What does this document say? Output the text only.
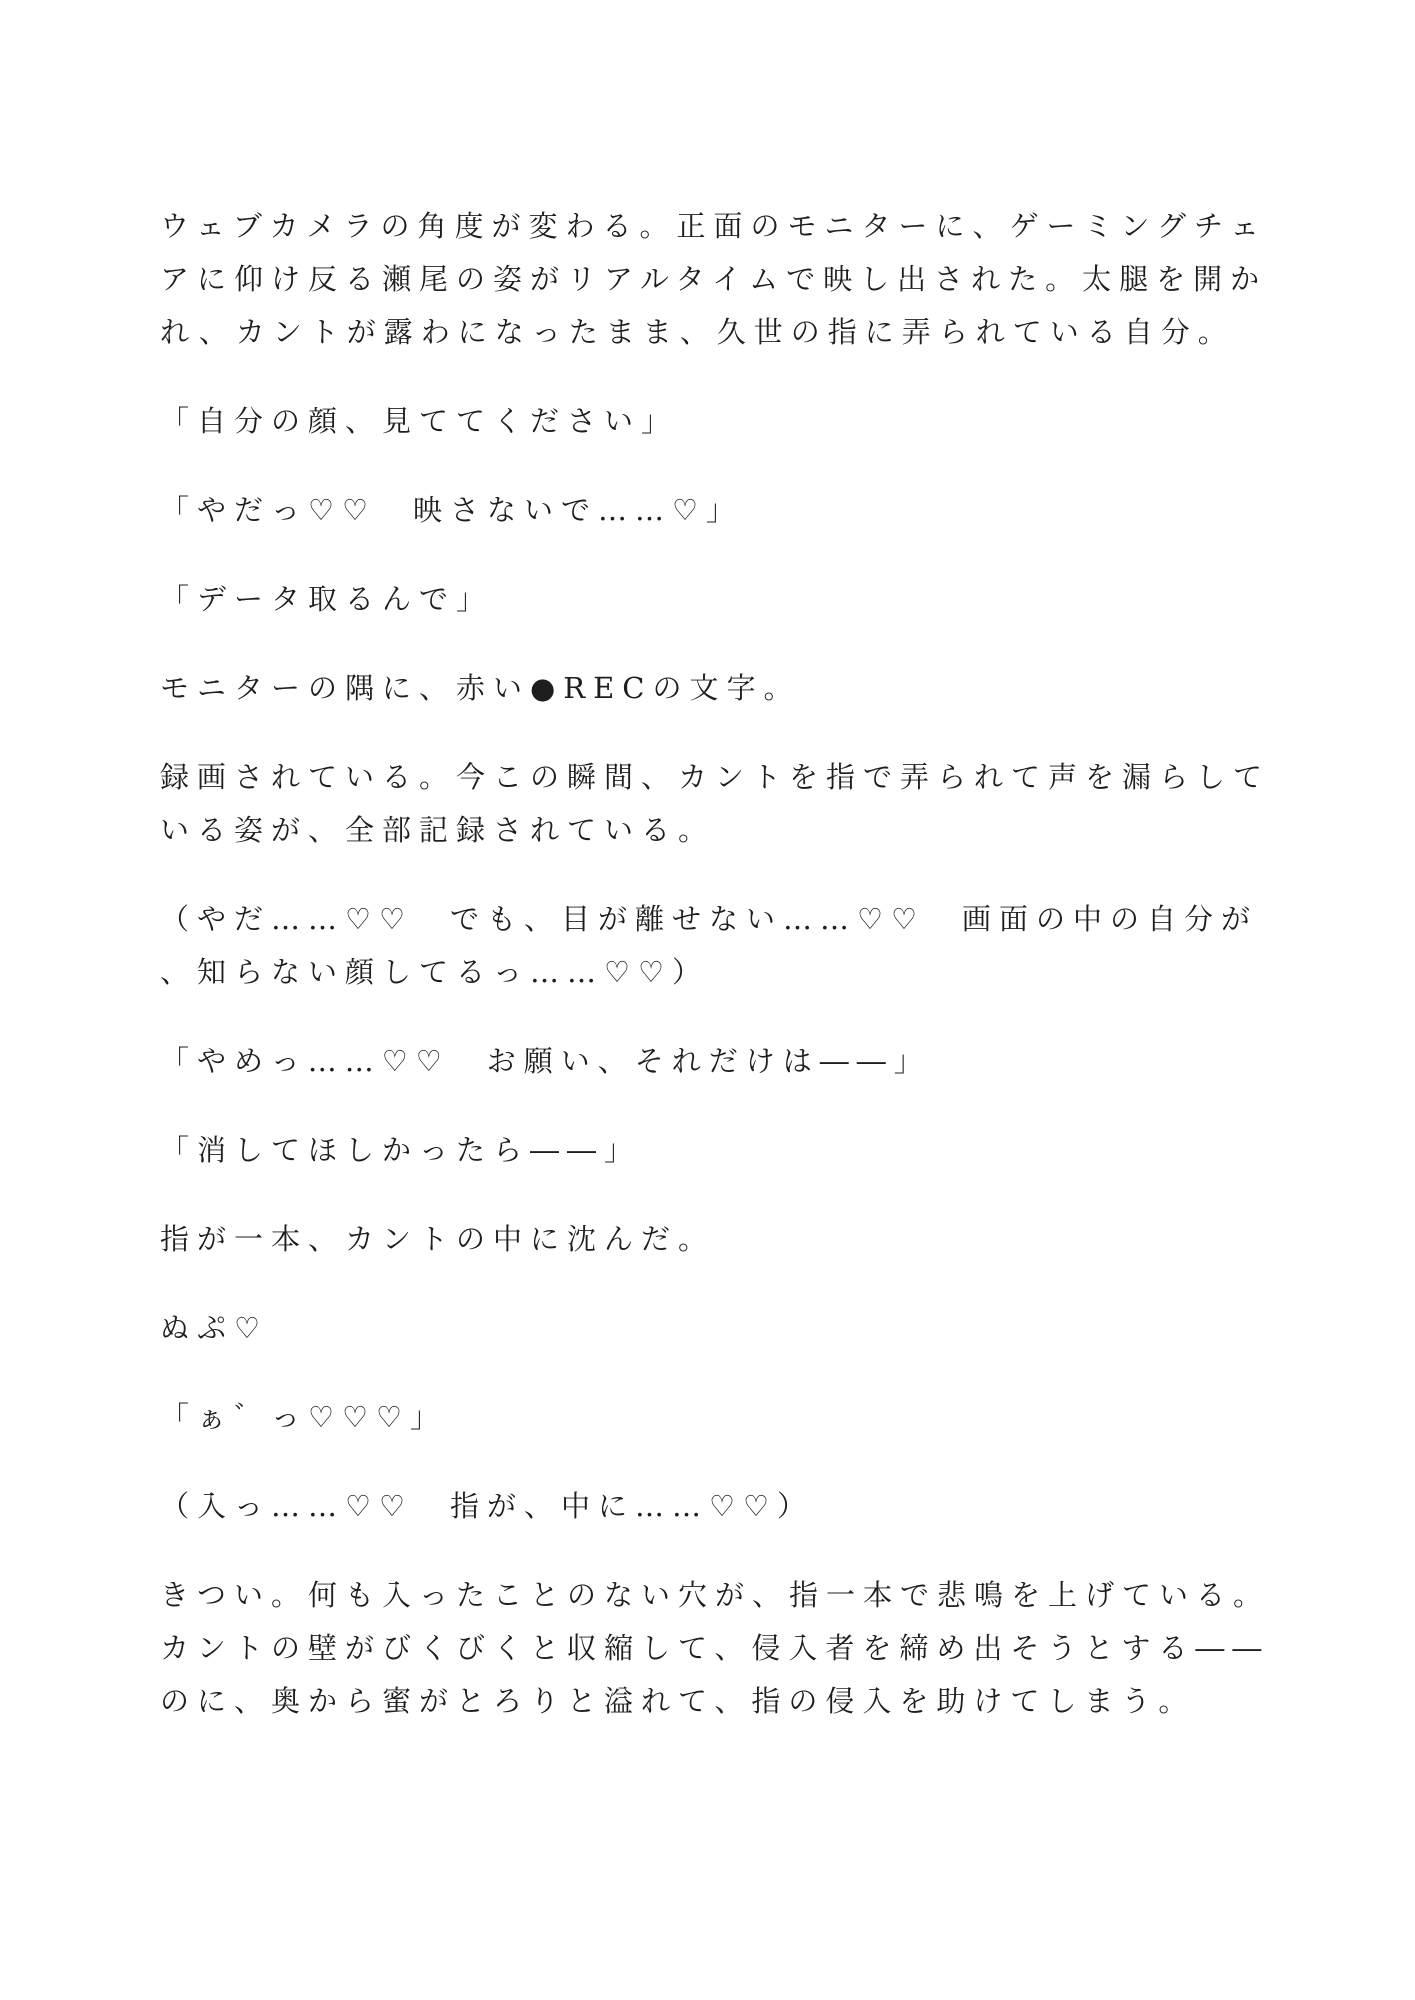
ウェブカメラの角度が変わる。正面のモニターに、ゲーミングチェ
アに仰け反る瀬尾の姿がリアルタイムで映し出された。太腿を開か
れ、カントが露わになったまま、久世の指に弄られている自分。

「自分の顔、見ててください」

「やだっ♡♡　映さないで……♡」

「データ取るんで」

モニターの隅に、赤い●RECの文字。

録画されている。今この瞬間、カントを指で弄られて声を漏らして
いる姿が、全部記録されている。

（やだ……♡♡　でも、目が離せない……♡♡　画面の中の自分が
、知らない顔してるっ……♡♡）

「やめっ……♡♡　お願い、それだけは――」

「消してほしかったら――」

指が一本、カントの中に沈んだ。

ぬぷ♡

「ぁ゛っ♡♡♡」

（入っ……♡♡　指が、中に……♡♡）

きつい。何も入ったことのない穴が、指一本で悲鳴を上げている。
カントの壁がびくびくと収縮して、侵入者を締め出そうとする――
のに、奥から蜜がとろりと溢れて、指の侵入を助けてしまう。
